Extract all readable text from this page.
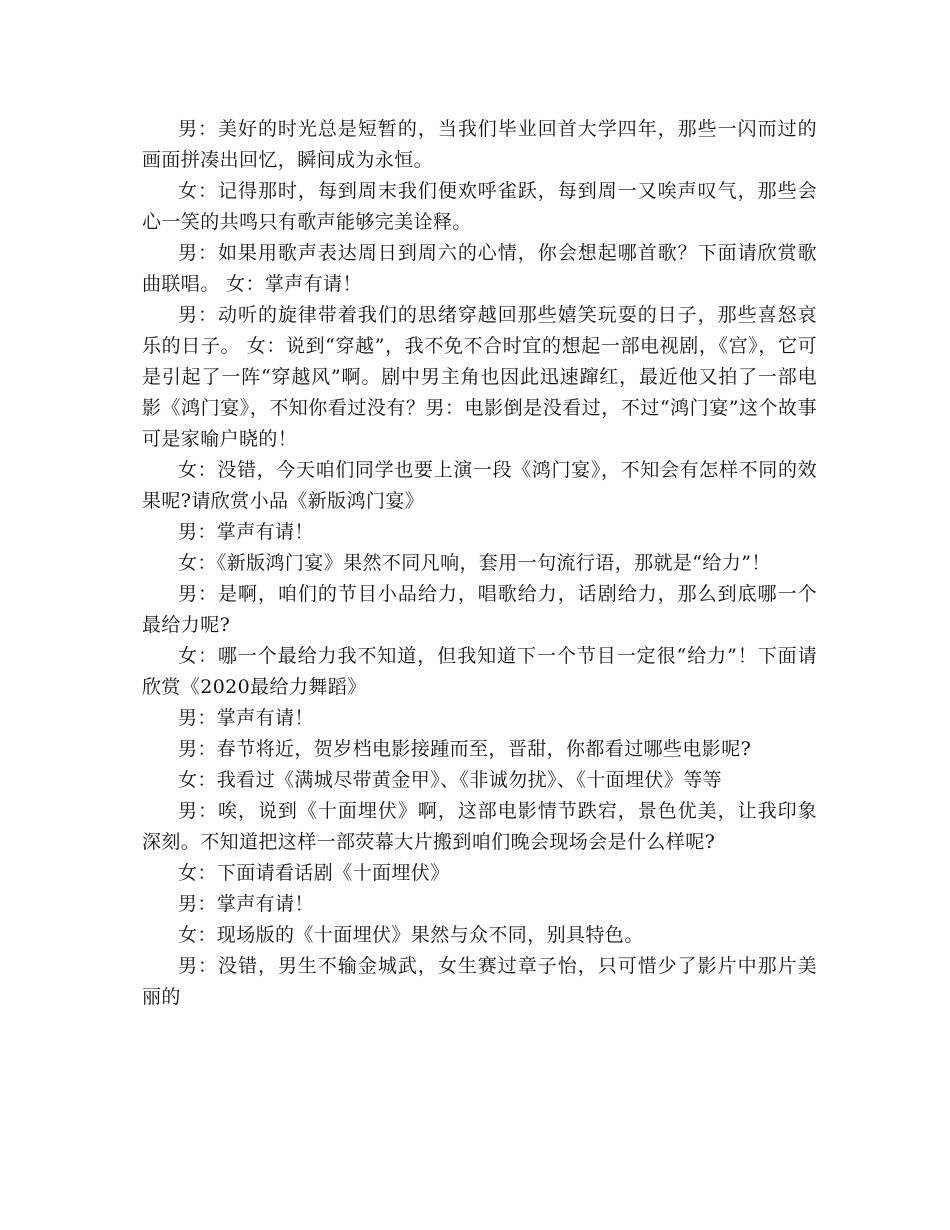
男：美好的时光总是短暂的，当我们毕业回首大学四年，那些一闪而过的画面拼凑出回忆，瞬间成为永恒。

女：记得那时，每到周末我们便欢呼雀跃，每到周一又唉声叹气，那些会心一笑的共鸣只有歌声能够完美诠释。

男：如果用歌声表达周日到周六的心情，你会想起哪首歌？下面请欣赏歌曲联唱。 女：掌声有请！

男：动听的旋律带着我们的思绪穿越回那些嬉笑玩耍的日子，那些喜怒哀乐的日子。 女：说到“穿越”，我不免不合时宜的想起一部电视剧，《宫》，它可是引起了一阵“穿越风”啊。剧中男主角也因此迅速蹿红，最近他又拍了一部电影《鸿门宴》，不知你看过没有？男：电影倒是没看过，不过“鸿门宴”这个故事可是家喻户晓的！

女：没错，今天咱们同学也要上演一段《鸿门宴》，不知会有怎样不同的效果呢?请欣赏小品《新版鸿门宴》

男：掌声有请！

女：《新版鸿门宴》果然不同凡响，套用一句流行语，那就是“给力”！

男：是啊，咱们的节目小品给力，唱歌给力，话剧给力，那么到底哪一个最给力呢?

女：哪一个最给力我不知道，但我知道下一个节目一定很“给力”！下面请欣赏《2020最给力舞蹈》

男：掌声有请！

男：春节将近，贺岁档电影接踵而至，晋甜，你都看过哪些电影呢?

女：我看过《满城尽带黄金甲》、《非诚勿扰》、《十面埋伏》等等

男：唉，说到《十面埋伏》啊，这部电影情节跌宕，景色优美，让我印象深刻。不知道把这样一部荧幕大片搬到咱们晚会现场会是什么样呢?

女：下面请看话剧《十面埋伏》

男：掌声有请！

女：现场版的《十面埋伏》果然与众不同，别具特色。

男：没错，男生不输金城武，女生赛过章子怡，只可惜少了影片中那片美丽的
